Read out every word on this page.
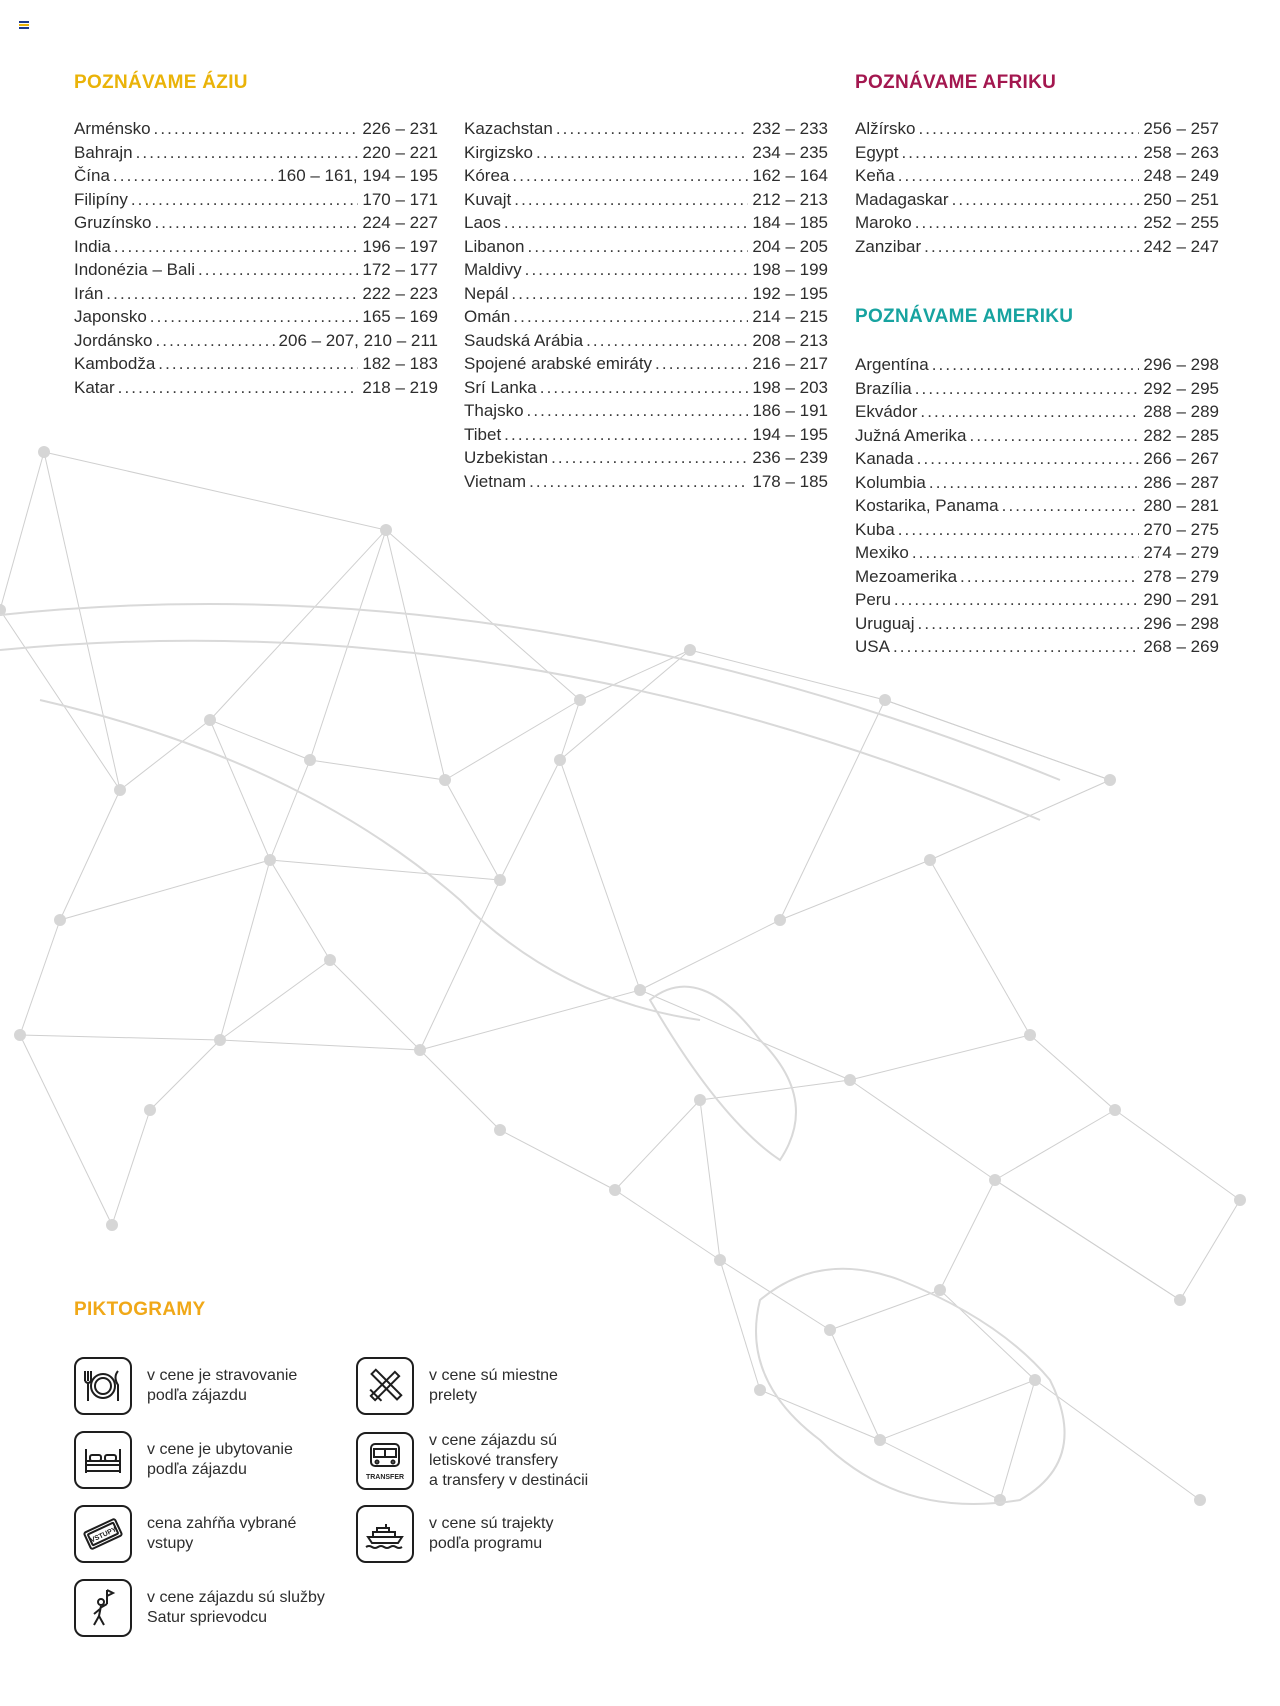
POZNÁVAME ÁZIU
Arménsko .....	226 – 231
Bahrajn .....	220 – 221
Čína .....	160 – 161, 194 – 195
Filipíny .....	170 – 171
Gruzínsko .....	224 – 227
India .....	196 – 197
Indonézia – Bali .....	172 – 177
Irán .....	222 – 223
Japonsko .....	165 – 169
Jordánsko .....	206 – 207, 210 – 211
Kambodža .....	182 – 183
Katar .....	218 – 219
Kazachstan .....	232 – 233
Kirgizsko .....	234 – 235
Kórea .....	162 – 164
Kuvajt .....	212 – 213
Laos .....	184 – 185
Libanon .....	204 – 205
Maldivy .....	198 – 199
Nepál .....	192 – 195
Omán .....	214 – 215
Saudská Arábia .....	208 – 213
Spojené arabské emiráty .....	216 – 217
Srí Lanka .....	198 – 203
Thajsko .....	186 – 191
Tibet .....	194 – 195
Uzbekistan .....	236 – 239
Vietnam .....	178 – 185
POZNÁVAME AFRIKU
Alžírsko .....	256 – 257
Egypt .....	258 – 263
Keňa .....	248 – 249
Madagaskar .....	250 – 251
Maroko .....	252 – 255
Zanzibar .....	242 – 247
POZNÁVAME AMERIKU
Argentína .....	296 – 298
Brazília .....	292 – 295
Ekvádor .....	288 – 289
Južná Amerika .....	282 – 285
Kanada .....	266 – 267
Kolumbia .....	286 – 287
Kostarika, Panama .....	280 – 281
Kuba .....	270 – 275
Mexiko .....	274 – 279
Mezoamerika .....	278 – 279
Peru .....	290 – 291
Uruguaj .....	296 – 298
USA .....	268 – 269
PIKTOGRAMY
v cene je stravovanie
podľa zájazdu
v cene je ubytovanie
podľa zájazdu
VSTUPY
cena zahŕňa vybrané
vstupy
v cene zájazdu sú služby
Satur sprievodcu
v cene sú miestne
prelety
TRANSFER
v cene zájazdu sú
letiskové transfery
a transfery v destinácii
v cene sú trajekty
podľa programu
